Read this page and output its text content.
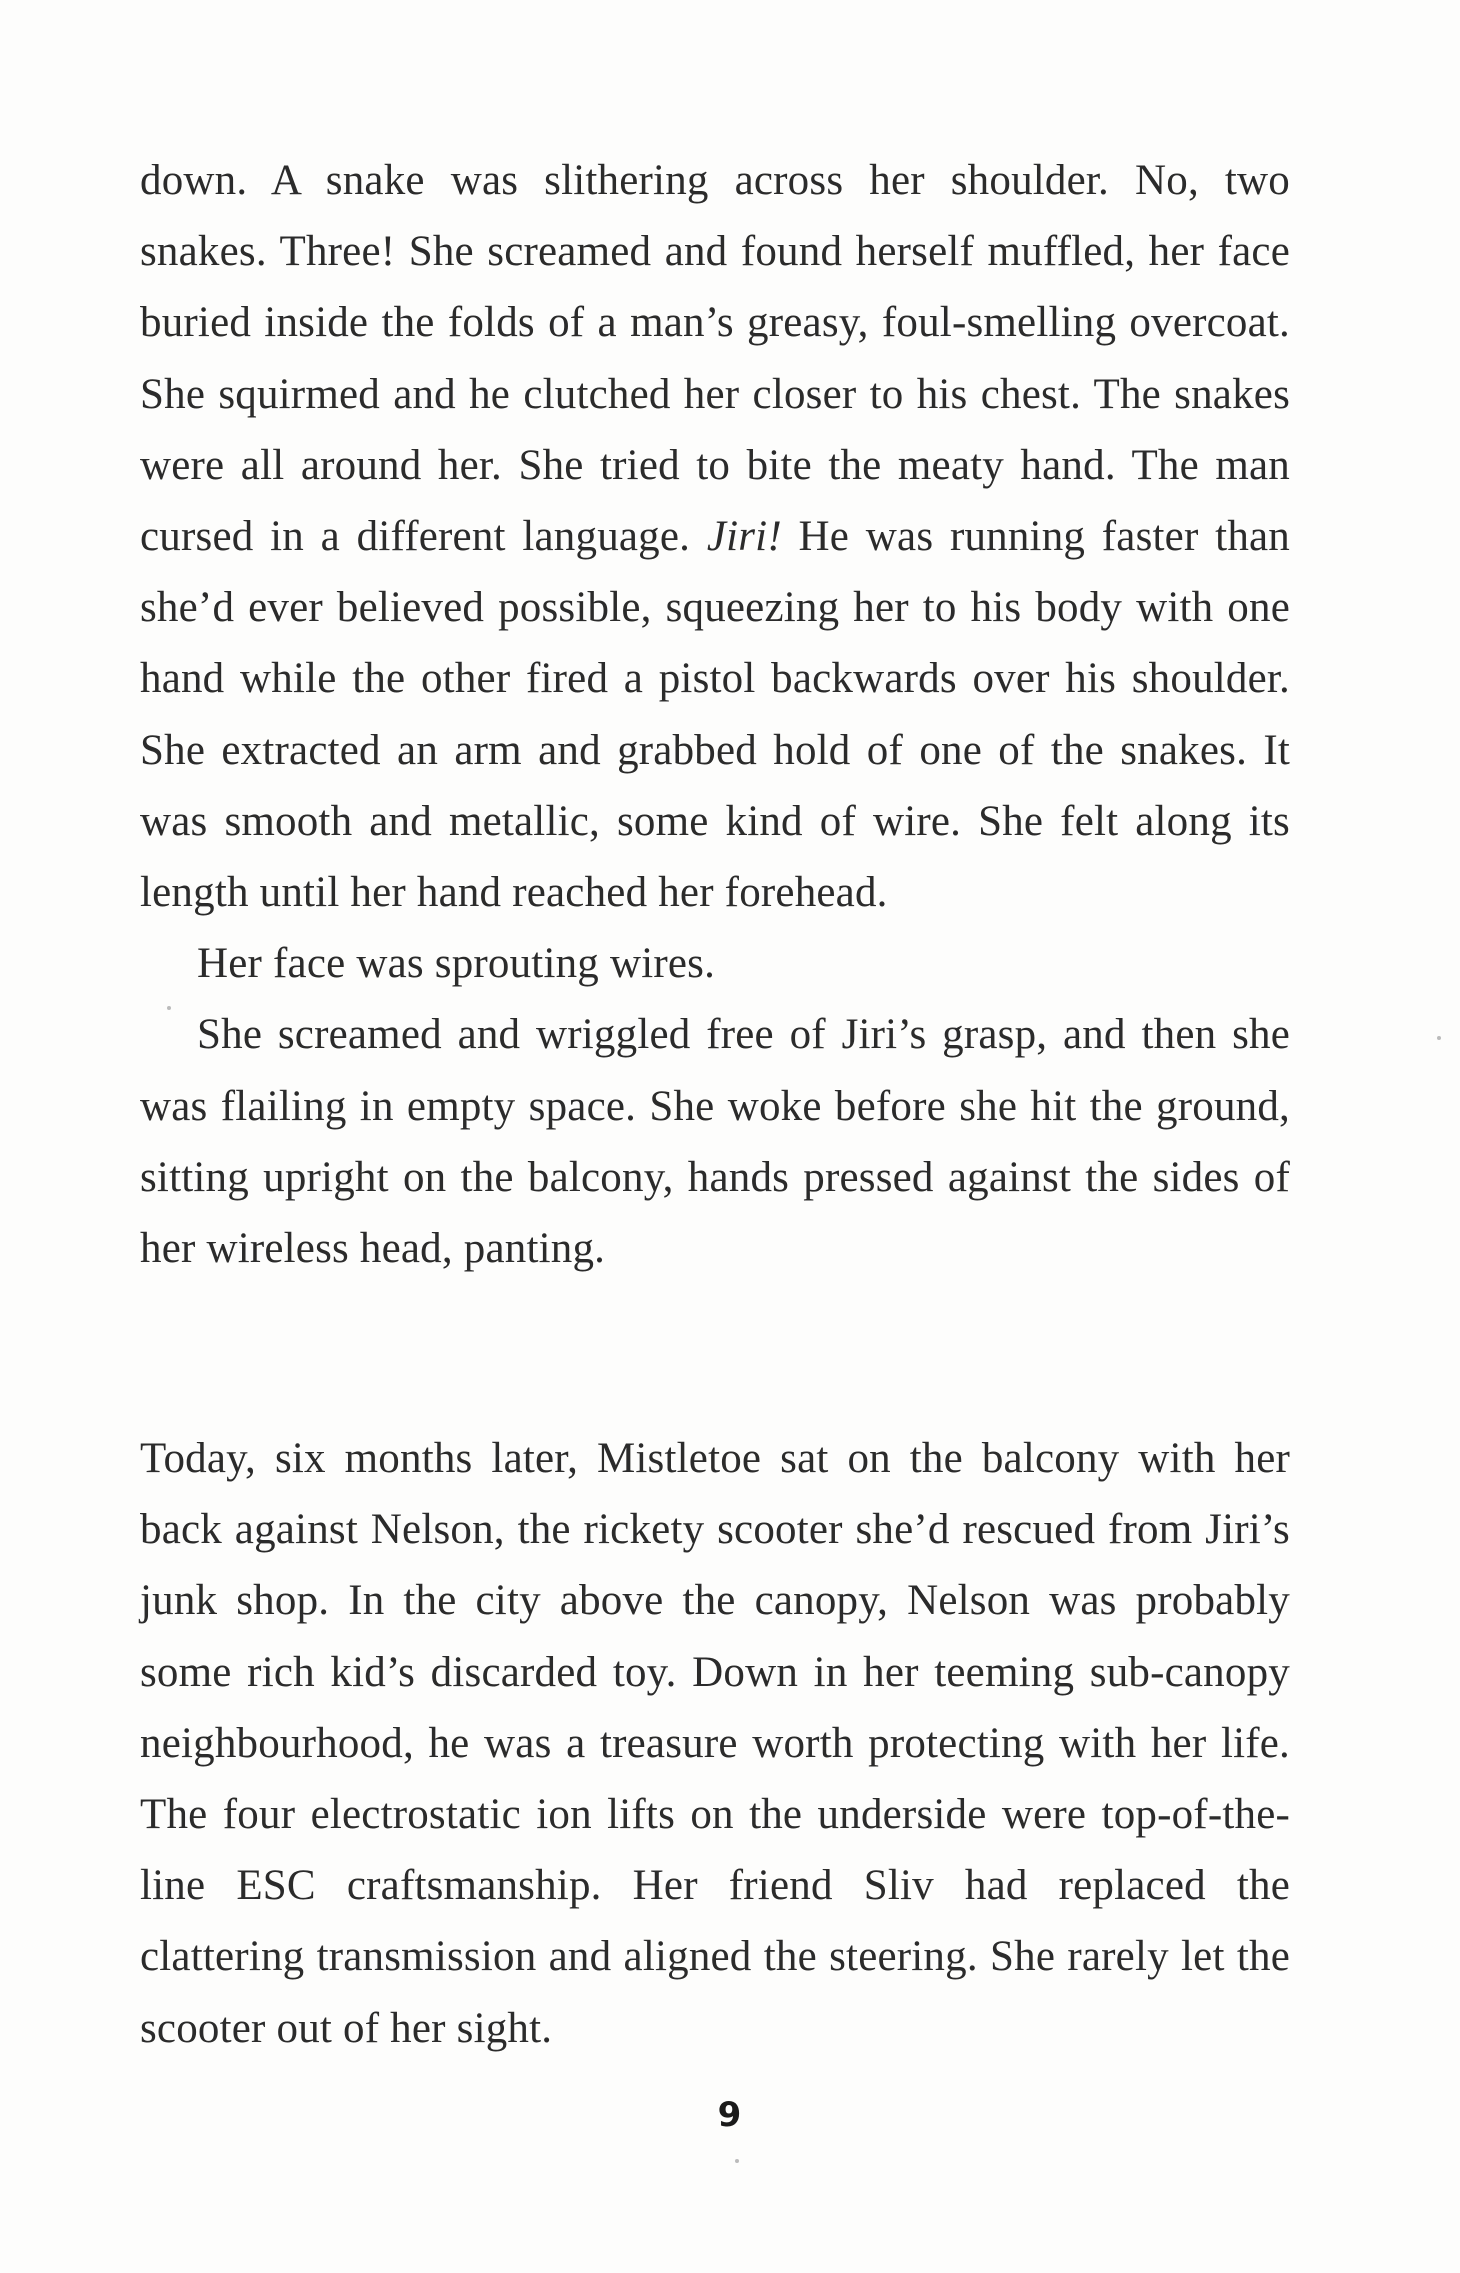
down. A snake was slithering across her shoulder. No, two snakes. Three! She screamed and found herself muffled, her face buried inside the folds of a man’s greasy, foul-smelling overcoat. She squirmed and he clutched her closer to his chest. The snakes were all around her. She tried to bite the meaty hand. The man cursed in a different language. Jiri! He was running faster than she’d ever believed possible, squeezing her to his body with one hand while the other fired a pistol backwards over his shoulder. She extracted an arm and grabbed hold of one of the snakes. It was smooth and metallic, some kind of wire. She felt along its length until her hand reached her forehead.

Her face was sprouting wires.

She screamed and wriggled free of Jiri’s grasp, and then she was flailing in empty space. She woke before she hit the ground, sitting upright on the balcony, hands pressed against the sides of her wireless head, panting.

Today, six months later, Mistletoe sat on the balcony with her back against Nelson, the rickety scooter she’d rescued from Jiri’s junk shop. In the city above the canopy, Nelson was probably some rich kid’s discarded toy. Down in her teeming sub-canopy neighbourhood, he was a treasure worth protecting with her life. The four electrostatic ion lifts on the underside were top-of-the-line ESC craftsmanship. Her friend Sliv had replaced the clattering transmission and aligned the steering. She rarely let the scooter out of her sight.

9
